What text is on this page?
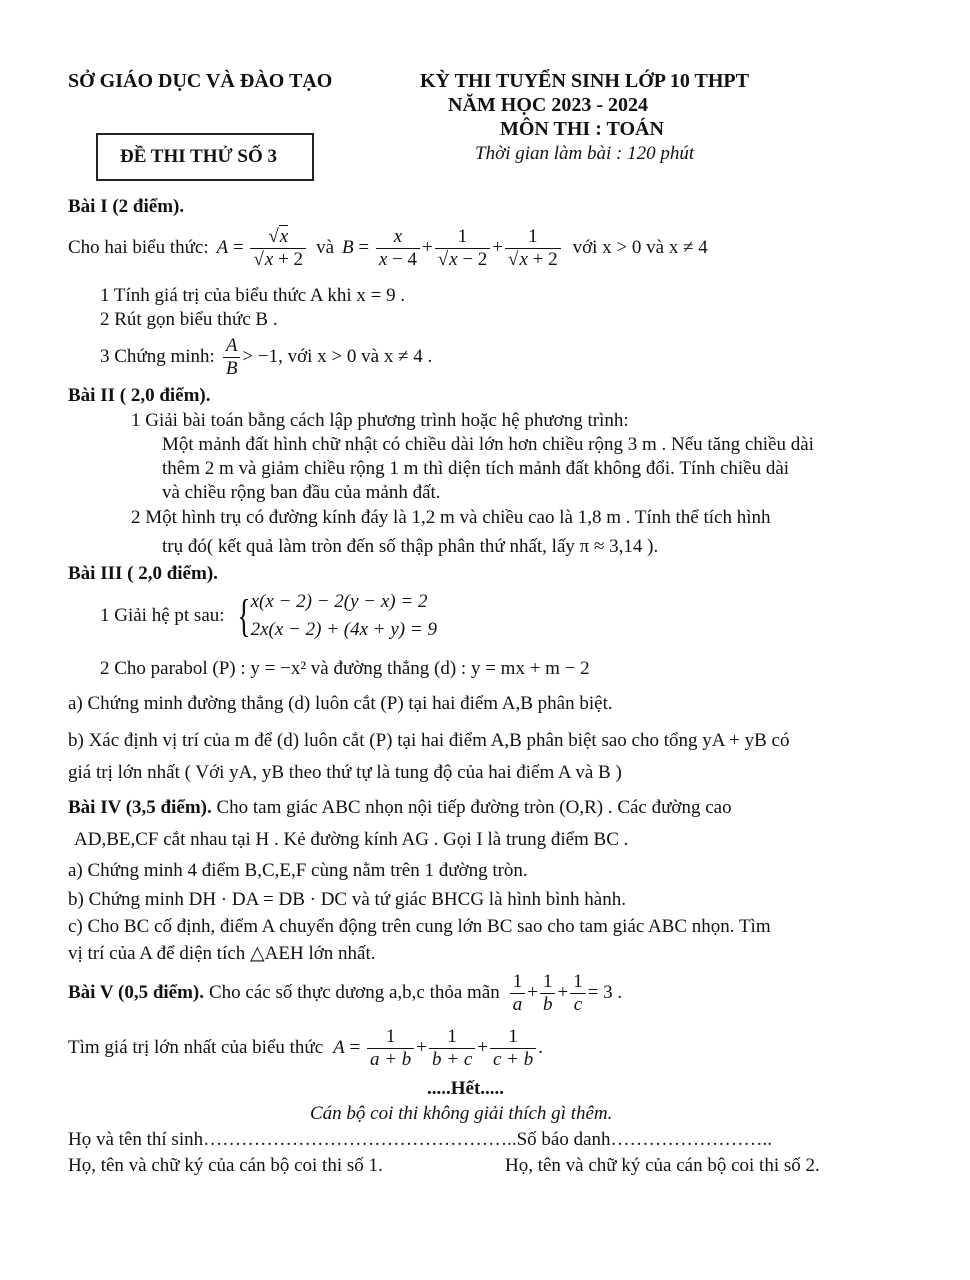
SỞ GIÁO DỤC VÀ ĐÀO TẠO	KỲ THI TUYỂN SINH LỚP 10 THPT
NĂM HỌC 2023 - 2024
MÔN THI : TOÁN
ĐỀ THI THỬ SỐ 3	Thời gian làm bài : 120 phút
Bài I (2 điểm).
Cho hai biểu thức: $A = \frac{√x}{√x + 2}$ và $B = \frac{x}{x - 4} + \frac{1}{√x - 2} + \frac{1}{√x + 2}$ với x > 0 và x ≠ 4
1 Tính giá trị của biểu thức A khi x = 9 .
2 Rút gọn biểu thức B .
3 Chứng minh: $\frac{A}{B} > -1$, với x > 0 và x ≠ 4 .
Bài II ( 2,0 điểm).
1 Giải bài toán bằng cách lập phương trình hoặc hệ phương trình:
Một mảnh đất hình chữ nhật có chiều dài lớn hơn chiều rộng 3 m . Nếu tăng chiều dài
thêm 2 m và giảm chiều rộng 1 m thì diện tích mảnh đất không đổi. Tính chiều dài
và chiều rộng ban đầu của mảnh đất.
2 Một hình trụ có đường kính đáy là 1,2 m và chiều cao là 1,8 m . Tính thể tích hình
trụ đó( kết quả làm tròn đến số thập phân thứ nhất, lấy π ≈ 3,14 ).
Bài III ( 2,0 điểm).
1 Giải hệ pt sau: { x(x − 2) − 2(y − x) = 2
2x(x − 2) + (4x + y) = 9
2 Cho parabol (P) : y = −x² và đường thẳng (d) : y = mx + m − 2
a) Chứng minh đường thẳng (d) luôn cắt (P) tại hai điểm A,B phân biệt.
b) Xác định vị trí của m để (d) luôn cắt (P) tại hai điểm A,B phân biệt sao cho tổng yA + yB có
giá trị lớn nhất ( Với yA, yB theo thứ tự là tung độ của hai điểm A và B )
Bài IV (3,5 điểm). Cho tam giác ABC nhọn nội tiếp đường tròn (O,R) . Các đường cao
AD,BE,CF cắt nhau tại H . Kẻ đường kính AG . Gọi I là trung điểm BC .
a) Chứng minh 4 điểm B,C,E,F cùng nằm trên 1 đường tròn.
b) Chứng minh DH · DA = DB · DC và tứ giác BHCG là hình bình hành.
c) Cho BC cố định, điểm A chuyển động trên cung lớn BC sao cho tam giác ABC nhọn. Tìm
vị trí của A để diện tích △AEH lớn nhất.
Bài V (0,5 điểm). Cho các số thực dương a,b,c thỏa mãn $\frac{1}{a} + \frac{1}{b} + \frac{1}{c} = 3$ .
Tìm giá trị lớn nhất của biểu thức $A = \frac{1}{a + b} + \frac{1}{b + c} + \frac{1}{c + b}$ .
.....Hết.....
Cán bộ coi thi không giải thích gì thêm.
Họ và tên thí sinh…………………………………………..Số báo danh……………………..
Họ, tên và chữ ký của cán bộ coi thi số 1.	Họ, tên và chữ ký của cán bộ coi thi số 2.
